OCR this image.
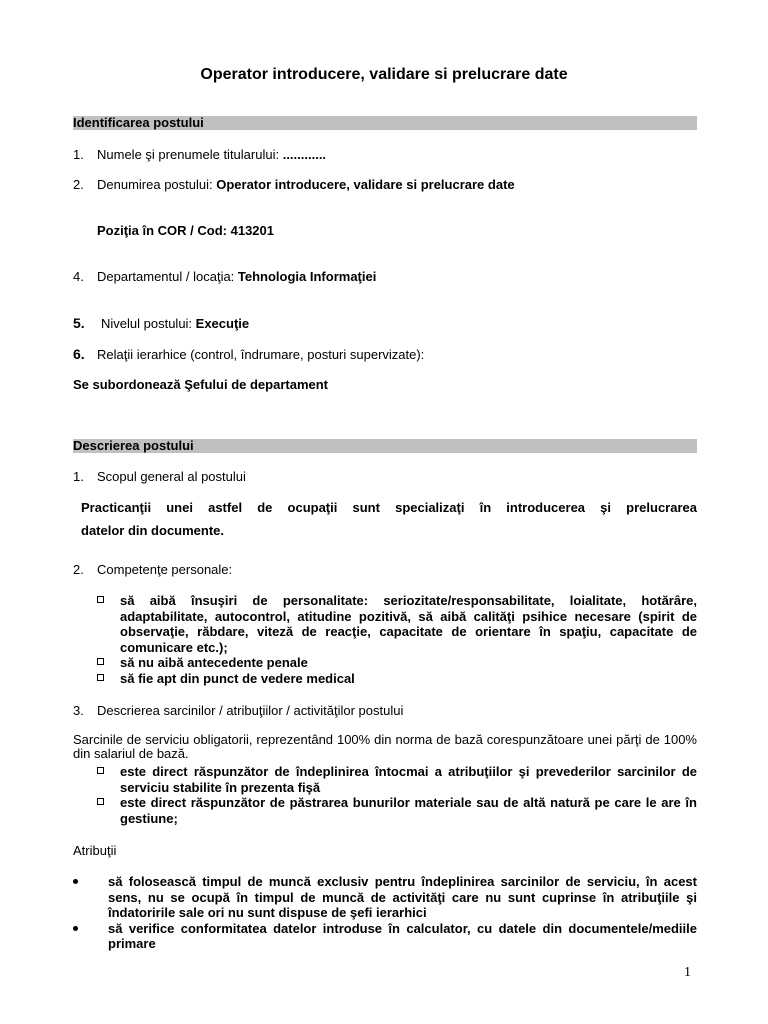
Operator introducere, validare si prelucrare date
Identificarea postului
1. Numele şi prenumele titularului: ............
2. Denumirea postului: Operator introducere, validare si prelucrare date
Poziţia în COR / Cod: 413201
4. Departamentul / locaţia: Tehnologia Informaţiei
5. Nivelul postului: Execuţie
6. Relaţii ierarhice (control, îndrumare, posturi supervizate):
Se subordonează Şefului de departament
Descrierea postului
1. Scopul general al postului
Practicanţii unei astfel de ocupaţii sunt specializaţi în introducerea şi prelucrarea
datelor din documente.
2. Competenţe personale:
să aibă însuşiri de personalitate: seriozitate/responsabilitate, loialitate, hotărâre, adaptabilitate, autocontrol, atitudine pozitivă, să aibă calităţi psihice necesare (spirit de observaţie, răbdare, viteză de reacţie, capacitate de orientare în spaţiu, capacitate de comunicare etc.);
să nu aibă antecedente penale
să fie apt din punct de vedere medical
3. Descrierea sarcinilor / atribuţiilor / activităţilor postului
Sarcinile de serviciu obligatorii, reprezentând 100% din norma de bază corespunzătoare unei părţi de 100% din salariul de bază.
este direct răspunzător de îndeplinirea întocmai a atribuţiilor şi prevederilor sarcinilor de serviciu stabilite în prezenta fişă
este direct răspunzător de păstrarea bunurilor materiale sau de altă natură pe care le are în gestiune;
Atribuţii
să folosească timpul de muncă exclusiv pentru îndeplinirea sarcinilor de serviciu, în acest sens, nu se ocupă în timpul de muncă de activităţi care nu sunt cuprinse în atribuţiile şi îndatoririle sale ori nu sunt dispuse de şefi ierarhici
să verifice conformitatea datelor introduse în calculator, cu datele din documentele/mediile primare
1
